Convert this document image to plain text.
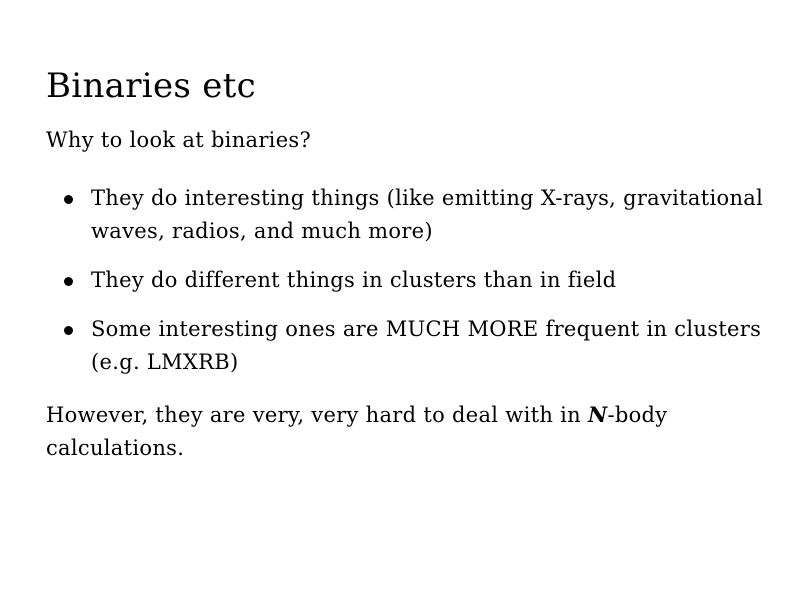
Binaries etc
Why to look at binaries?
They do interesting things (like emitting X-rays, gravitational waves, radios, and much more)
They do different things in clusters than in field
Some interesting ones are MUCH MORE frequent in clusters (e.g. LMXRB)
However, they are very, very hard to deal with in N-body calculations.
